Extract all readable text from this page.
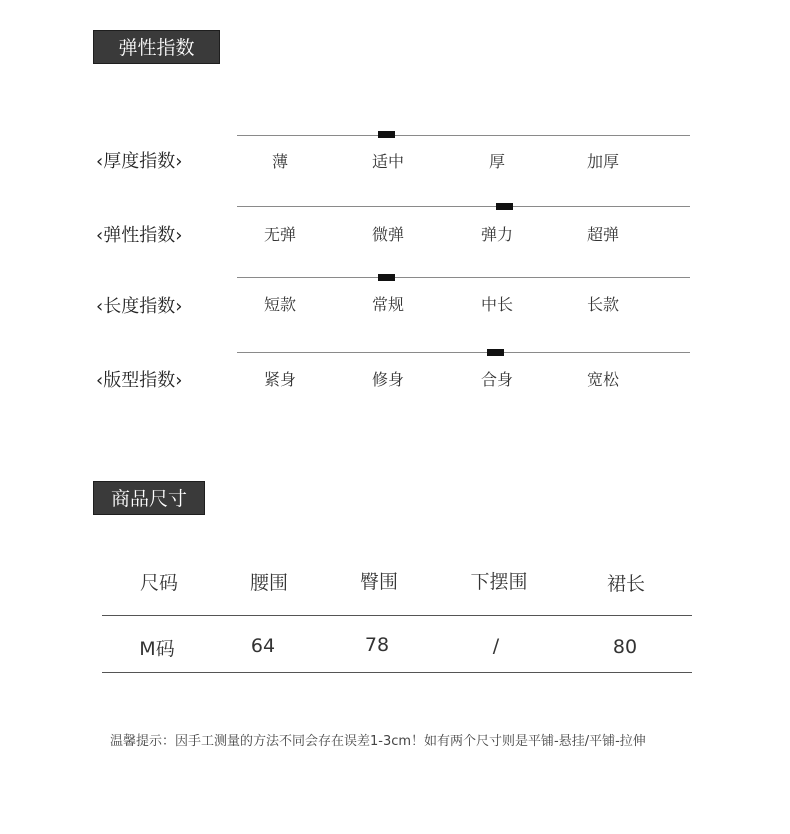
弹性指数
‹厚度指数›	薄	适中	厚	加厚
‹弹性指数›	无弹	微弹	弹力	超弹
‹长度指数›	短款	常规	中长	长款
‹版型指数›	紧身	修身	合身	宽松
商品尺寸
尺码	腰围	臀围	下摆围	裙长
M码	64	78	/	80
温馨提示：因手工测量的方法不同会存在误差1-3cm！如有两个尺寸则是平铺-悬挂/平铺-拉伸
